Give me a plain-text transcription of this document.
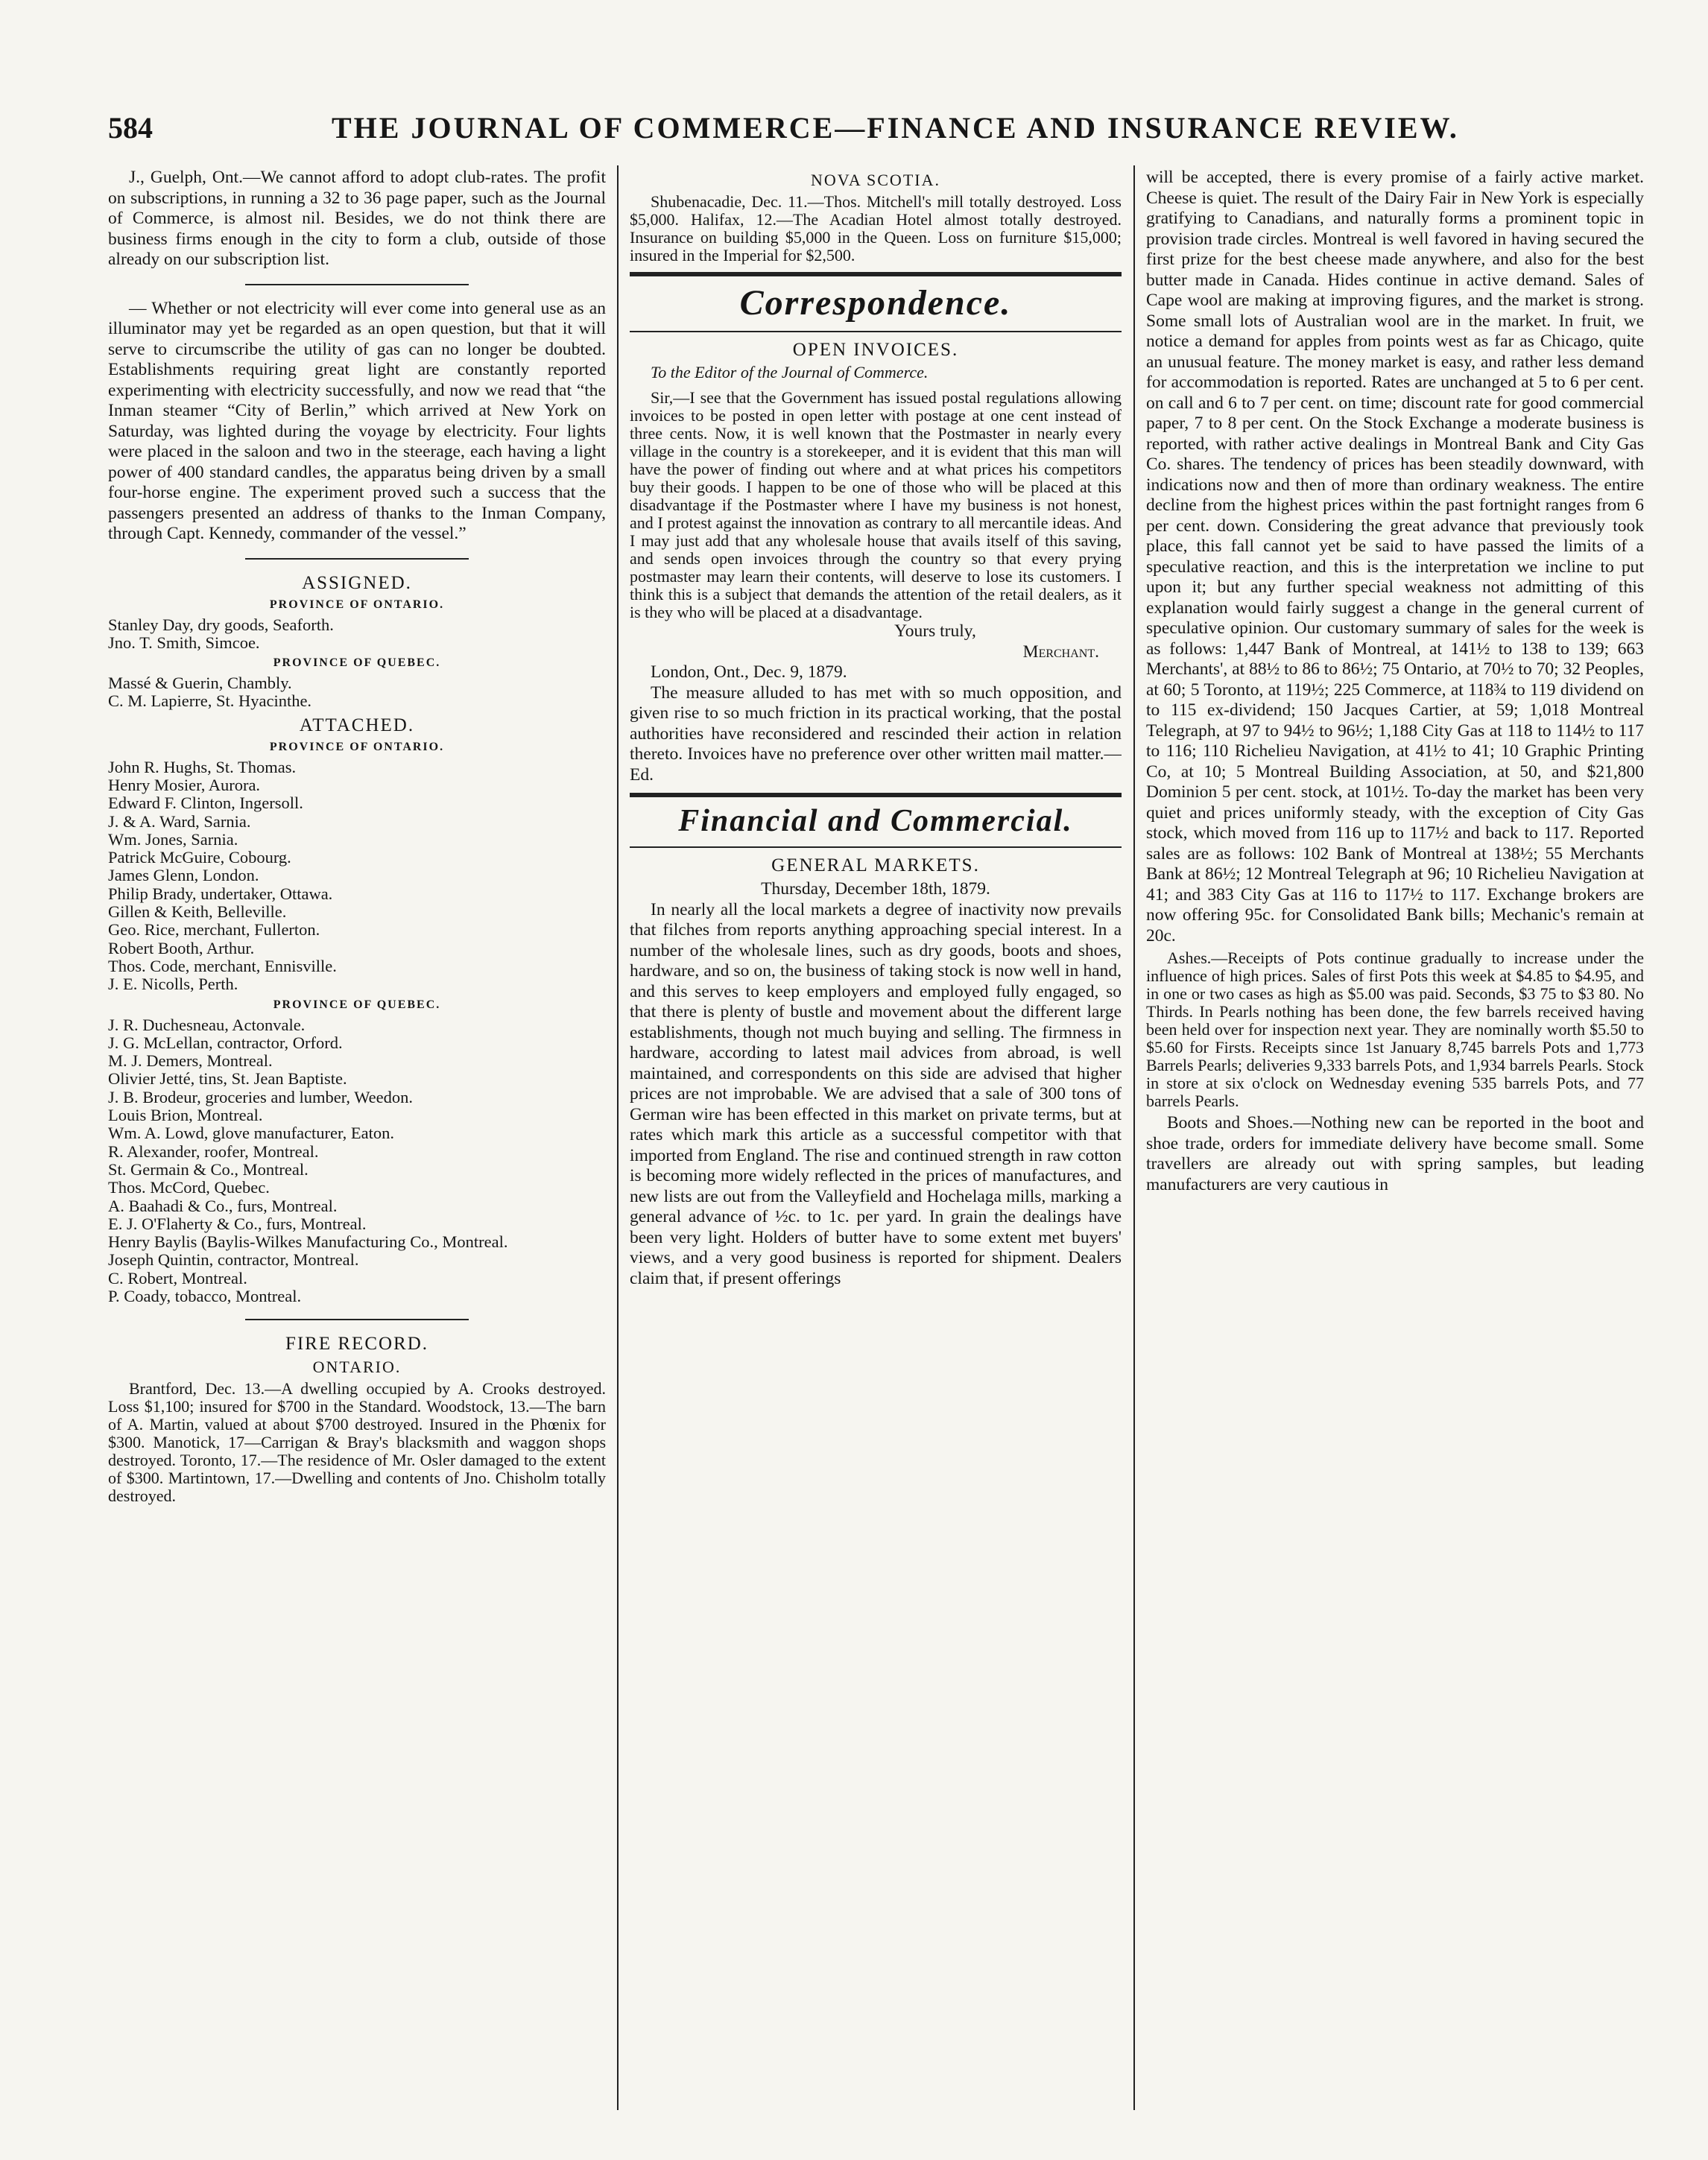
584	THE JOURNAL OF COMMERCE—FINANCE AND INSURANCE REVIEW.

J., Guelph, Ont.—We cannot afford to adopt club-rates. The profit on subscriptions, in running a 32 to 36 page paper, such as the Journal of Commerce, is almost nil. Besides, we do not think there are business firms enough in the city to form a club, outside of those already on our subscription list.

— Whether or not electricity will ever come into general use as an illuminator may yet be regarded as an open question, but that it will serve to circumscribe the utility of gas can no longer be doubted. Establishments requiring great light are constantly reported experimenting with electricity successfully, and now we read that “the Inman steamer “City of Berlin,” which arrived at New York on Saturday, was lighted during the voyage by electricity. Four lights were placed in the saloon and two in the steerage, each having a light power of 400 standard candles, the apparatus being driven by a small four-horse engine. The experiment proved such a success that the passengers presented an address of thanks to the Inman Company, through Capt. Kennedy, commander of the vessel.”

ASSIGNED.
PROVINCE OF ONTARIO.
Stanley Day, dry goods, Seaforth.
Jno. T. Smith, Simcoe.
PROVINCE OF QUEBEC.
Massé & Guerin, Chambly.
C. M. Lapierre, St. Hyacinthe.
ATTACHED.
PROVINCE OF ONTARIO.
John R. Hughs, St. Thomas.
Henry Mosier, Aurora.
Edward F. Clinton, Ingersoll.
J. & A. Ward, Sarnia.
Wm. Jones, Sarnia.
Patrick McGuire, Cobourg.
James Glenn, London.
Philip Brady, undertaker, Ottawa.
Gillen & Keith, Belleville.
Geo. Rice, merchant, Fullerton.
Robert Booth, Arthur.
Thos. Code, merchant, Ennisville.
J. E. Nicolls, Perth.
PROVINCE OF QUEBEC.
J. R. Duchesneau, Actonvale.
J. G. McLellan, contractor, Orford.
M. J. Demers, Montreal.
Olivier Jetté, tins, St. Jean Baptiste.
J. B. Brodeur, groceries and lumber, Weedon.
Louis Brion, Montreal.
Wm. A. Lowd, glove manufacturer, Eaton.
R. Alexander, roofer, Montreal.
St. Germain & Co., Montreal.
Thos. McCord, Quebec.
A. Baahadi & Co., furs, Montreal.
E. J. O'Flaherty & Co., furs, Montreal.
Henry Baylis (Baylis-Wilkes Manufacturing Co., Montreal.
Joseph Quintin, contractor, Montreal.
C. Robert, Montreal.
P. Coady, tobacco, Montreal.
FIRE RECORD.
ONTARIO.

Brantford, Dec. 13.—A dwelling occupied by A. Crooks destroyed. Loss $1,100; insured for $700 in the Standard. Woodstock, 13.—The barn of A. Martin, valued at about $700 destroyed. Insured in the Phœnix for $300. Manotick, 17—Carrigan & Bray's blacksmith and waggon shops destroyed. Toronto, 17.—The residence of Mr. Osler damaged to the extent of $300. Martintown, 17.—Dwelling and contents of Jno. Chisholm totally destroyed.

NOVA SCOTIA.

Shubenacadie, Dec. 11.—Thos. Mitchell's mill totally destroyed. Loss $5,000. Halifax, 12.—The Acadian Hotel almost totally destroyed. Insurance on building $5,000 in the Queen. Loss on furniture $15,000; insured in the Imperial for $2,500.

Correspondence.
OPEN INVOICES.

To the Editor of the Journal of Commerce.

Sir,—I see that the Government has issued postal regulations allowing invoices to be posted in open letter with postage at one cent instead of three cents. Now, it is well known that the Postmaster in nearly every village in the country is a storekeeper, and it is evident that this man will have the power of finding out where and at what prices his competitors buy their goods. I happen to be one of those who will be placed at this disadvantage if the Postmaster where I have my business is not honest, and I protest against the innovation as contrary to all mercantile ideas. And I may just add that any wholesale house that avails itself of this saving, and sends open invoices through the country so that every prying postmaster may learn their contents, will deserve to lose its customers. I think this is a subject that demands the attention of the retail dealers, as it is they who will be placed at a disadvantage.

Yours truly,

Merchant.

London, Ont., Dec. 9, 1879.

The measure alluded to has met with so much opposition, and given rise to so much friction in its practical working, that the postal authorities have reconsidered and rescinded their action in relation thereto. Invoices have no preference over other written mail matter.—Ed.

Financial and Commercial.
GENERAL MARKETS.

Thursday, December 18th, 1879.

In nearly all the local markets a degree of inactivity now prevails that filches from reports anything approaching special interest. In a number of the wholesale lines, such as dry goods, boots and shoes, hardware, and so on, the business of taking stock is now well in hand, and this serves to keep employers and employed fully engaged, so that there is plenty of bustle and movement about the different large establishments, though not much buying and selling. The firmness in hardware, according to latest mail advices from abroad, is well maintained, and correspondents on this side are advised that higher prices are not improbable. We are advised that a sale of 300 tons of German wire has been effected in this market on private terms, but at rates which mark this article as a successful competitor with that imported from England. The rise and continued strength in raw cotton is becoming more widely reflected in the prices of manufactures, and new lists are out from the Valleyfield and Hochelaga mills, marking a general advance of ½c. to 1c. per yard. In grain the dealings have been very light. Holders of butter have to some extent met buyers' views, and a very good business is reported for shipment. Dealers claim that, if present offerings

will be accepted, there is every promise of a fairly active market. Cheese is quiet. The result of the Dairy Fair in New York is especially gratifying to Canadians, and naturally forms a prominent topic in provision trade circles. Montreal is well favored in having secured the first prize for the best cheese made anywhere, and also for the best butter made in Canada. Hides continue in active demand. Sales of Cape wool are making at improving figures, and the market is strong. Some small lots of Australian wool are in the market. In fruit, we notice a demand for apples from points west as far as Chicago, quite an unusual feature. The money market is easy, and rather less demand for accommodation is reported. Rates are unchanged at 5 to 6 per cent. on call and 6 to 7 per cent. on time; discount rate for good commercial paper, 7 to 8 per cent. On the Stock Exchange a moderate business is reported, with rather active dealings in Montreal Bank and City Gas Co. shares. The tendency of prices has been steadily downward, with indications now and then of more than ordinary weakness. The entire decline from the highest prices within the past fortnight ranges from 6 per cent. down. Considering the great advance that previously took place, this fall cannot yet be said to have passed the limits of a speculative reaction, and this is the interpretation we incline to put upon it; but any further special weakness not admitting of this explanation would fairly suggest a change in the general current of speculative opinion. Our customary summary of sales for the week is as follows: 1,447 Bank of Montreal, at 141½ to 138 to 139; 663 Merchants', at 88½ to 86 to 86½; 75 Ontario, at 70½ to 70; 32 Peoples, at 60; 5 Toronto, at 119½; 225 Commerce, at 118¾ to 119 dividend on to 115 ex-dividend; 150 Jacques Cartier, at 59; 1,018 Montreal Telegraph, at 97 to 94½ to 96½; 1,188 City Gas at 118 to 114½ to 117 to 116; 110 Richelieu Navigation, at 41½ to 41; 10 Graphic Printing Co, at 10; 5 Montreal Building Association, at 50, and $21,800 Dominion 5 per cent. stock, at 101½. To-day the market has been very quiet and prices uniformly steady, with the exception of City Gas stock, which moved from 116 up to 117½ and back to 117. Reported sales are as follows: 102 Bank of Montreal at 138½; 55 Merchants Bank at 86½; 12 Montreal Telegraph at 96; 10 Richelieu Navigation at 41; and 383 City Gas at 116 to 117½ to 117. Exchange brokers are now offering 95c. for Consolidated Bank bills; Mechanic's remain at 20c.

Ashes.—Receipts of Pots continue gradually to increase under the influence of high prices. Sales of first Pots this week at $4.85 to $4.95, and in one or two cases as high as $5.00 was paid. Seconds, $3 75 to $3 80. No Thirds. In Pearls nothing has been done, the few barrels received having been held over for inspection next year. They are nominally worth $5.50 to $5.60 for Firsts. Receipts since 1st January 8,745 barrels Pots and 1,773 Barrels Pearls; deliveries 9,333 barrels Pots, and 1,934 barrels Pearls. Stock in store at six o'clock on Wednesday evening 535 barrels Pots, and 77 barrels Pearls.

Boots and Shoes.—Nothing new can be reported in the boot and shoe trade, orders for immediate delivery have become small. Some travellers are already out with spring samples, but leading manufacturers are very cautious in
